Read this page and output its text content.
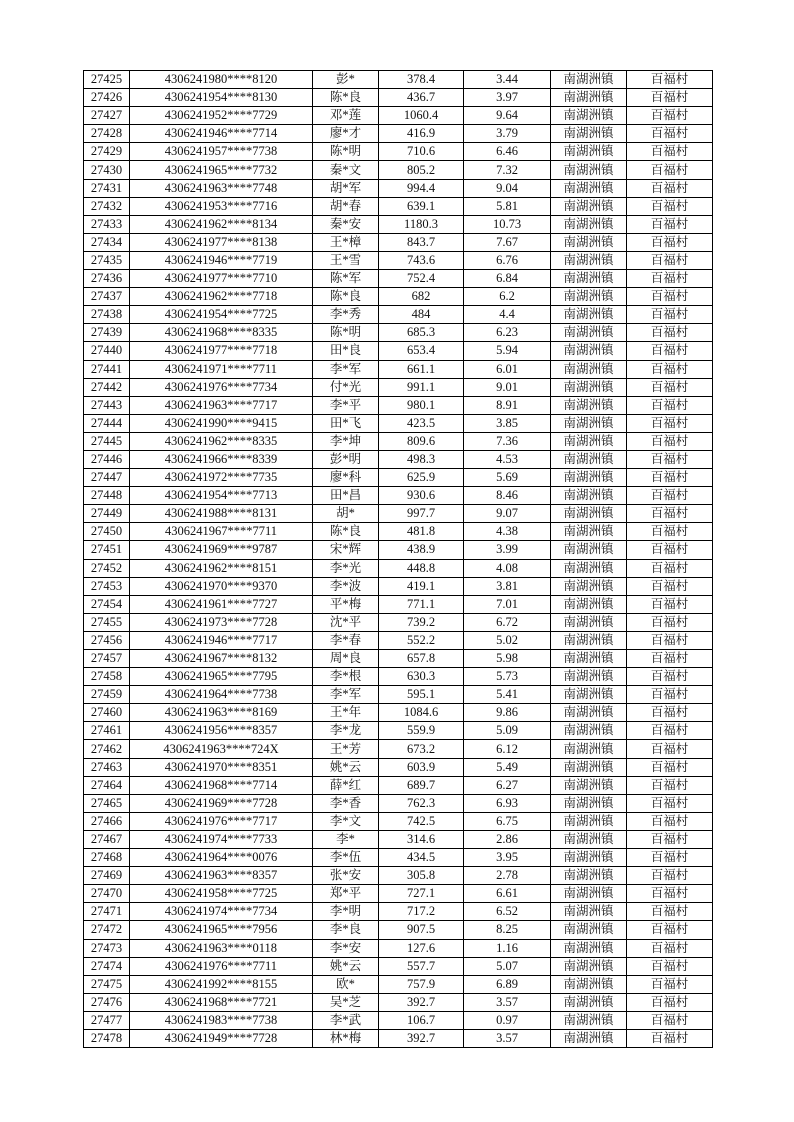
27425	4306241980****8120	彭*	378.4	3.44	南湖洲镇	百福村
27426	4306241954****8130	陈*良	436.7	3.97	南湖洲镇	百福村
27427	4306241952****7729	邓*莲	1060.4	9.64	南湖洲镇	百福村
27428	4306241946****7714	廖*才	416.9	3.79	南湖洲镇	百福村
27429	4306241957****7738	陈*明	710.6	6.46	南湖洲镇	百福村
27430	4306241965****7732	秦*文	805.2	7.32	南湖洲镇	百福村
27431	4306241963****7748	胡*军	994.4	9.04	南湖洲镇	百福村
27432	4306241953****7716	胡*春	639.1	5.81	南湖洲镇	百福村
27433	4306241962****8134	秦*安	1180.3	10.73	南湖洲镇	百福村
27434	4306241977****8138	王*樟	843.7	7.67	南湖洲镇	百福村
27435	4306241946****7719	王*雪	743.6	6.76	南湖洲镇	百福村
27436	4306241977****7710	陈*军	752.4	6.84	南湖洲镇	百福村
27437	4306241962****7718	陈*良	682	6.2	南湖洲镇	百福村
27438	4306241954****7725	李*秀	484	4.4	南湖洲镇	百福村
27439	4306241968****8335	陈*明	685.3	6.23	南湖洲镇	百福村
27440	4306241977****7718	田*良	653.4	5.94	南湖洲镇	百福村
27441	4306241971****7711	李*军	661.1	6.01	南湖洲镇	百福村
27442	4306241976****7734	付*光	991.1	9.01	南湖洲镇	百福村
27443	4306241963****7717	李*平	980.1	8.91	南湖洲镇	百福村
27444	4306241990****9415	田*飞	423.5	3.85	南湖洲镇	百福村
27445	4306241962****8335	李*坤	809.6	7.36	南湖洲镇	百福村
27446	4306241966****8339	彭*明	498.3	4.53	南湖洲镇	百福村
27447	4306241972****7735	廖*科	625.9	5.69	南湖洲镇	百福村
27448	4306241954****7713	田*昌	930.6	8.46	南湖洲镇	百福村
27449	4306241988****8131	胡*	997.7	9.07	南湖洲镇	百福村
27450	4306241967****7711	陈*良	481.8	4.38	南湖洲镇	百福村
27451	4306241969****9787	宋*辉	438.9	3.99	南湖洲镇	百福村
27452	4306241962****8151	李*光	448.8	4.08	南湖洲镇	百福村
27453	4306241970****9370	李*波	419.1	3.81	南湖洲镇	百福村
27454	4306241961****7727	平*梅	771.1	7.01	南湖洲镇	百福村
27455	4306241973****7728	沈*平	739.2	6.72	南湖洲镇	百福村
27456	4306241946****7717	李*春	552.2	5.02	南湖洲镇	百福村
27457	4306241967****8132	周*良	657.8	5.98	南湖洲镇	百福村
27458	4306241965****7795	李*根	630.3	5.73	南湖洲镇	百福村
27459	4306241964****7738	李*军	595.1	5.41	南湖洲镇	百福村
27460	4306241963****8169	王*年	1084.6	9.86	南湖洲镇	百福村
27461	4306241956****8357	李*龙	559.9	5.09	南湖洲镇	百福村
27462	4306241963****724X	王*芳	673.2	6.12	南湖洲镇	百福村
27463	4306241970****8351	姚*云	603.9	5.49	南湖洲镇	百福村
27464	4306241968****7714	薛*红	689.7	6.27	南湖洲镇	百福村
27465	4306241969****7728	李*香	762.3	6.93	南湖洲镇	百福村
27466	4306241976****7717	李*文	742.5	6.75	南湖洲镇	百福村
27467	4306241974****7733	李*	314.6	2.86	南湖洲镇	百福村
27468	4306241964****0076	李*伍	434.5	3.95	南湖洲镇	百福村
27469	4306241963****8357	张*安	305.8	2.78	南湖洲镇	百福村
27470	4306241958****7725	郑*平	727.1	6.61	南湖洲镇	百福村
27471	4306241974****7734	李*明	717.2	6.52	南湖洲镇	百福村
27472	4306241965****7956	李*良	907.5	8.25	南湖洲镇	百福村
27473	4306241963****0118	李*安	127.6	1.16	南湖洲镇	百福村
27474	4306241976****7711	姚*云	557.7	5.07	南湖洲镇	百福村
27475	4306241992****8155	欧*	757.9	6.89	南湖洲镇	百福村
27476	4306241968****7721	吴*芝	392.7	3.57	南湖洲镇	百福村
27477	4306241983****7738	李*武	106.7	0.97	南湖洲镇	百福村
27478	4306241949****7728	林*梅	392.7	3.57	南湖洲镇	百福村
